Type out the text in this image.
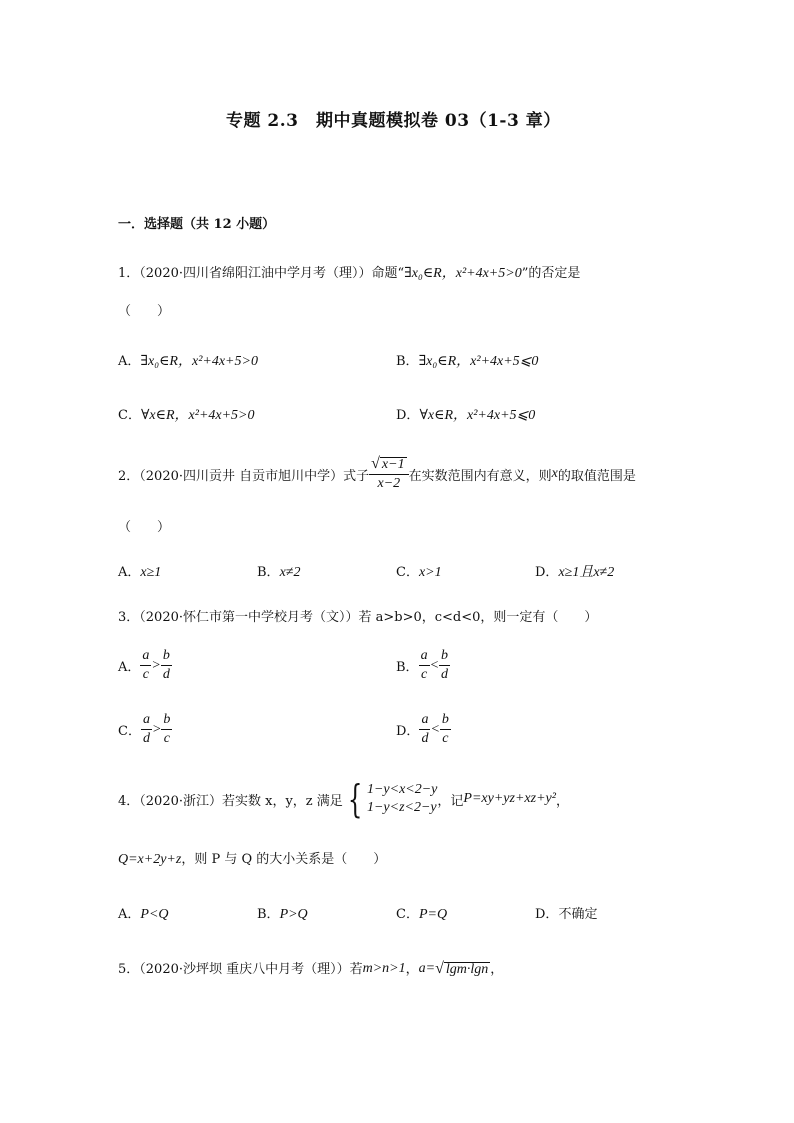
专题 2.3　期中真题模拟卷 03（1-3 章）
一．选择题（共 12 小题）
1．（2020·四川省绵阳江油中学月考（理））命题“∃x₀∈R，x²+4x+5>0”的否定是
（　　）
A．∃x₀∈R，x²+4x+5>0	B．∃x₀∈R，x²+4x+5⩽0
C．∀x∈R，x²+4x+5>0	D．∀x∈R，x²+4x+5⩽0
2．（2020·四川贡井 自贡市旭川中学）式子 $\frac{√ x-1}{x-2}$ 在实数范围内有意义，则 x 的取值范围是
（　　）
A．x≥1	B．x≠2	C．x>1	D．x≥1且x≠2
3．（2020·怀仁市第一中学校月考（文））若 a>b>0，c<d<0，则一定有（　　）
A． $\frac{a}{c} > \frac{b}{d}$	B． $\frac{a}{c} < \frac{b}{d}$
C． $\frac{a}{d} > \frac{b}{c}$	D． $\frac{a}{d} < \frac{b}{c}$
4．（2020·浙江）若实数 x，y，z 满足 { 1−y<x<2−y
1−y<z<2−y ，记 P=xy+yz+xz+y² ，
Q=x+2y+z，则 P 与 Q 的大小关系是（　　）
A．P<Q	B．P>Q	C．P=Q	D．不确定
5．（2020·沙坪坝 重庆八中月考（理））若 m>n>1 ， a= √ lgm·lgn ，
